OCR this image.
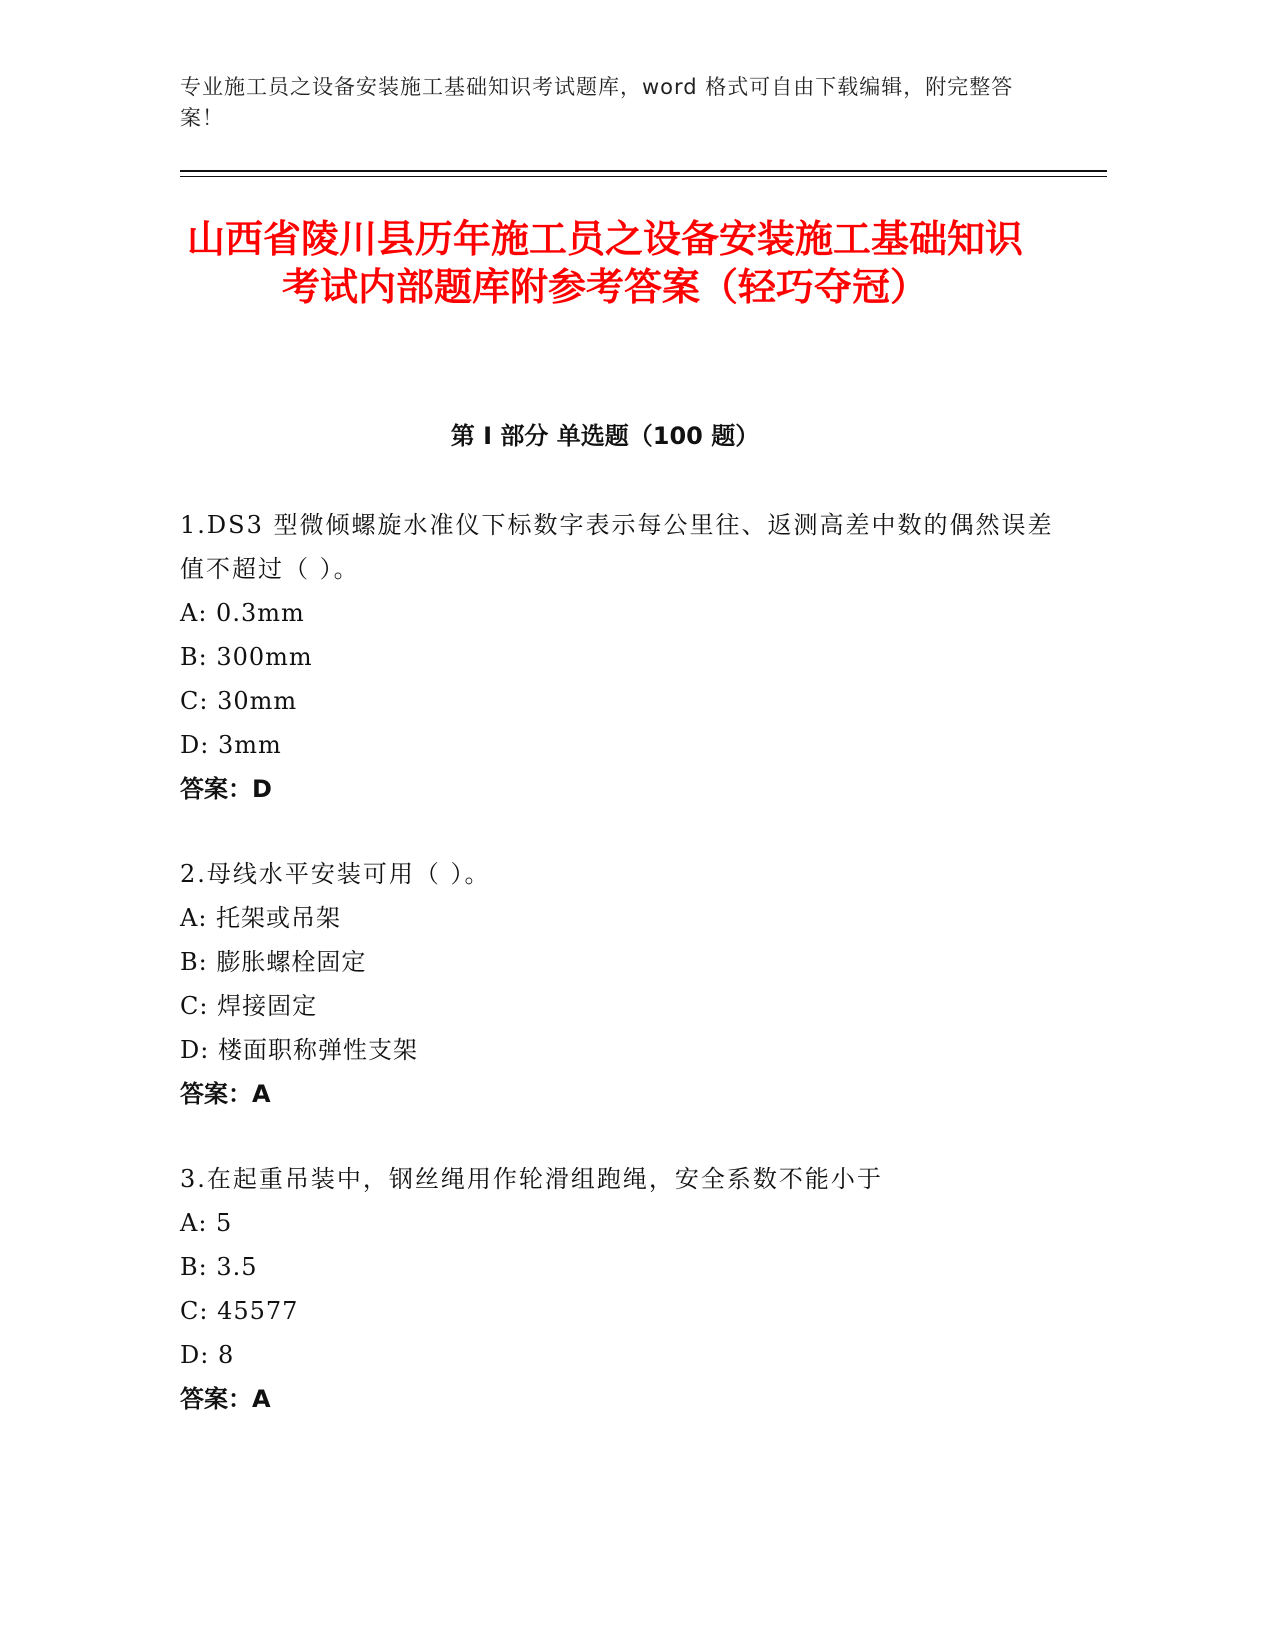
专业施工员之设备安装施工基础知识考试题库，word 格式可自由下载编辑，附完整答案！
山西省陵川县历年施工员之设备安装施工基础知识考试内部题库附参考答案（轻巧夺冠）
第 I 部分 单选题（100 题）
1.DS3 型微倾螺旋水准仪下标数字表示每公里往、返测高差中数的偶然误差值不超过（ ）。
A: 0.3mm
B: 300mm
C: 30mm
D: 3mm
答案：D
2.母线水平安装可用（ ）。
A: 托架或吊架
B: 膨胀螺栓固定
C: 焊接固定
D: 楼面职称弹性支架
答案：A
3.在起重吊装中，钢丝绳用作轮滑组跑绳，安全系数不能小于
A: 5
B: 3.5
C: 45577
D: 8
答案：A
